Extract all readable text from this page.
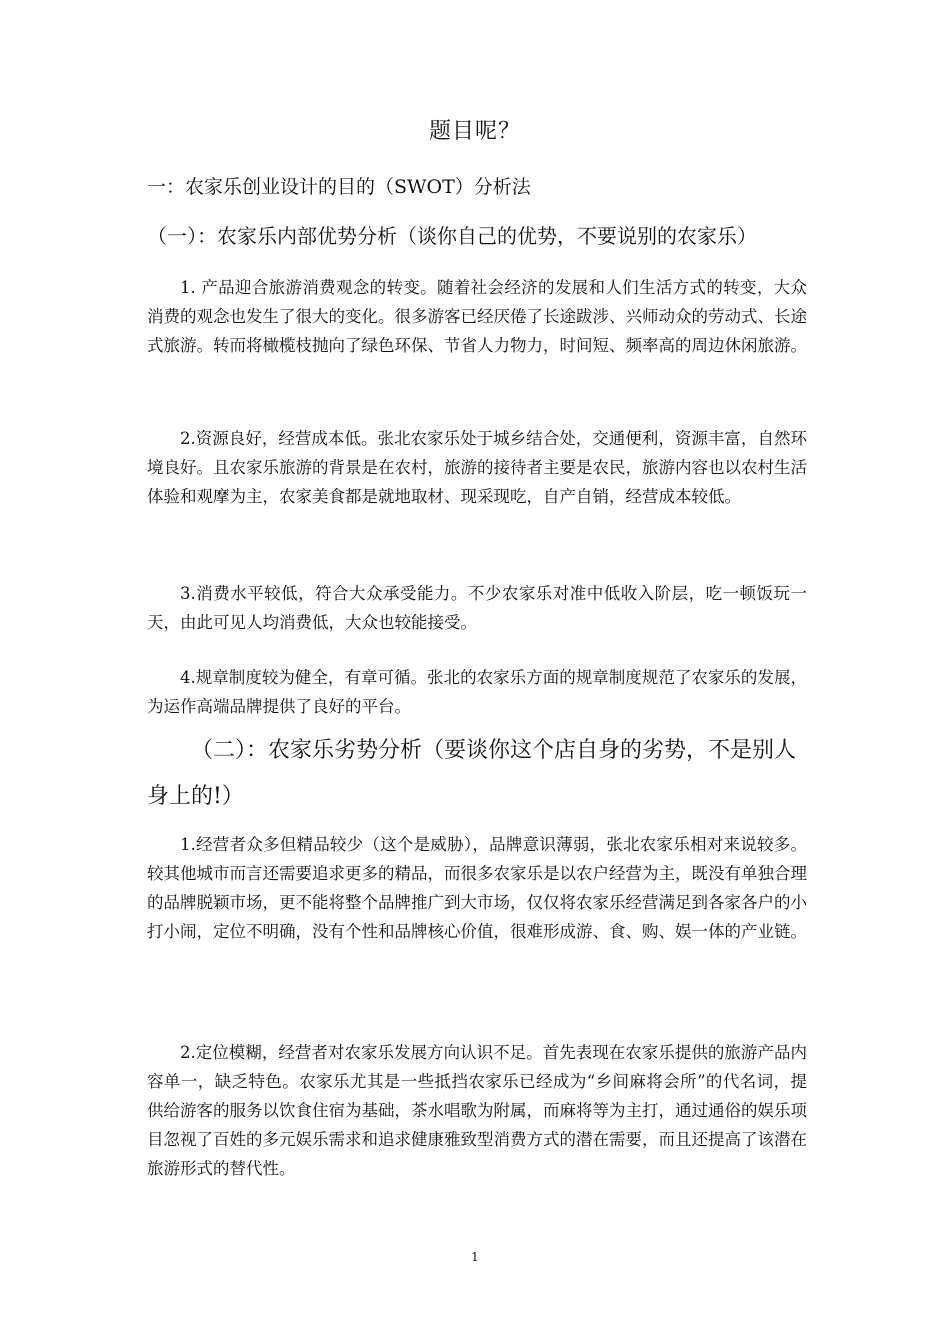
题目呢？
一：农家乐创业设计的目的（SWOT）分析法
（一）：农家乐内部优势分析（谈你自己的优势，不要说别的农家乐）

1. 产品迎合旅游消费观念的转变。随着社会经济的发展和人们生活方式的转变，大众消费的观念也发生了很大的变化。很多游客已经厌倦了长途跋涉、兴师动众的劳动式、长途式旅游。转而将橄榄枝抛向了绿色环保、节省人力物力，时间短、频率高的周边休闲旅游。

2.资源良好，经营成本低。张北农家乐处于城乡结合处，交通便利，资源丰富，自然环境良好。且农家乐旅游的背景是在农村，旅游的接待者主要是农民，旅游内容也以农村生活体验和观摩为主，农家美食都是就地取材、现采现吃，自产自销，经营成本较低。

3.消费水平较低，符合大众承受能力。不少农家乐对准中低收入阶层，吃一顿饭玩一天，由此可见人均消费低，大众也较能接受。

4.规章制度较为健全，有章可循。张北的农家乐方面的规章制度规范了农家乐的发展，为运作高端品牌提供了良好的平台。

（二）：农家乐劣势分析（要谈你这个店自身的劣势，不是别人身上的!）

1.经营者众多但精品较少（这个是威胁），品牌意识薄弱，张北农家乐相对来说较多。较其他城市而言还需要追求更多的精品，而很多农家乐是以农户经营为主，既没有单独合理的品牌脱颖市场，更不能将整个品牌推广到大市场，仅仅将农家乐经营满足到各家各户的小打小闹，定位不明确，没有个性和品牌核心价值，很难形成游、食、购、娱一体的产业链。

2.定位模糊，经营者对农家乐发展方向认识不足。首先表现在农家乐提供的旅游产品内容单一，缺乏特色。农家乐尤其是一些抵挡农家乐已经成为“乡间麻将会所”的代名词，提供给游客的服务以饮食住宿为基础，茶水唱歌为附属，而麻将等为主打，通过通俗的娱乐项目忽视了百姓的多元娱乐需求和追求健康雅致型消费方式的潜在需要，而且还提高了该潜在旅游形式的替代性。

1
